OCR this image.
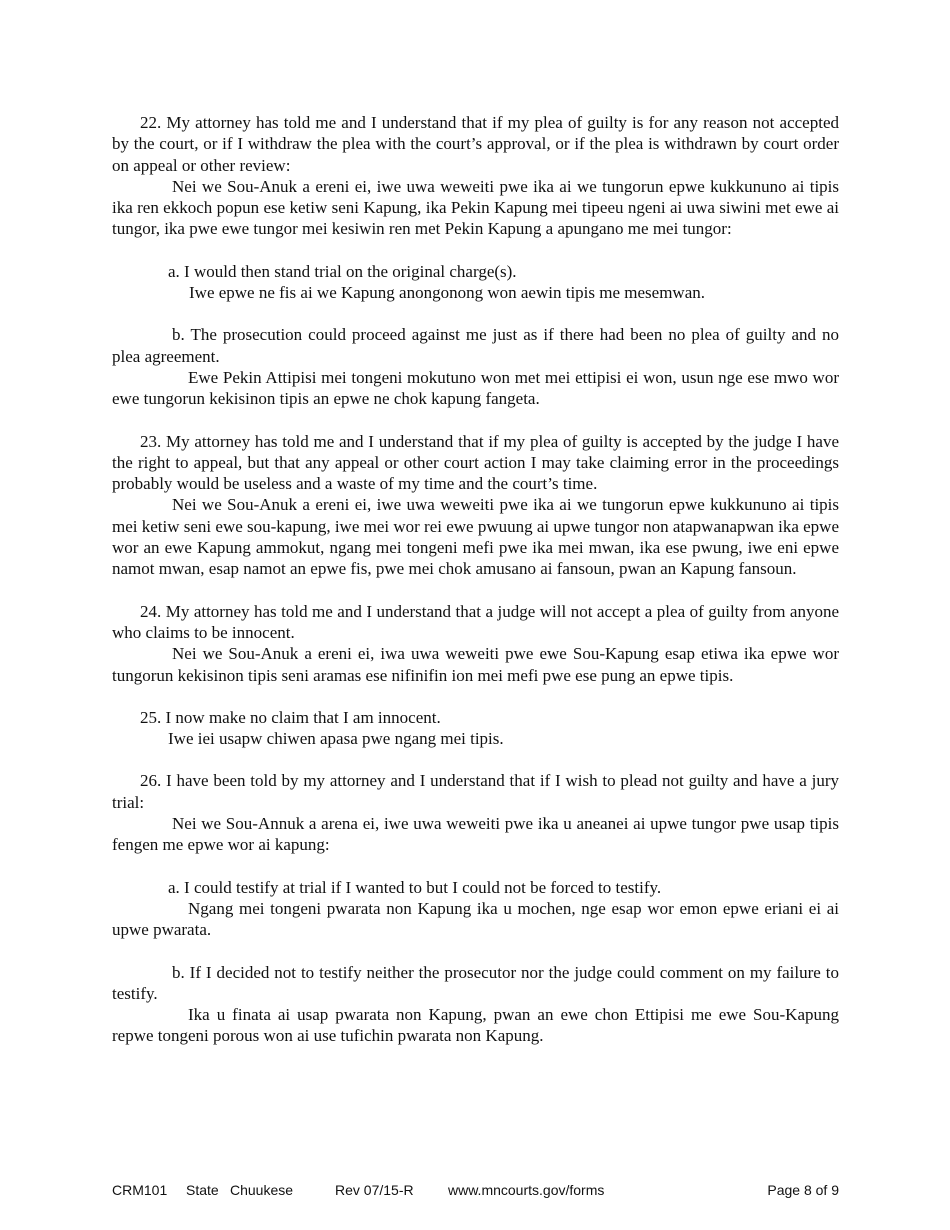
22. My attorney has told me and I understand that if my plea of guilty is for any reason not accepted by the court, or if I withdraw the plea with the court’s approval, or if the plea is withdrawn by court order on appeal or other review:

Nei we Sou-Anuk a ereni ei, iwe uwa weweiti pwe ika ai we tungorun epwe kukkununo ai tipis ika ren ekkoch popun ese ketiw seni Kapung, ika Pekin Kapung mei tipeeu ngeni ai uwa siwini met ewe ai tungor, ika pwe ewe tungor mei kesiwin ren met Pekin Kapung a apungano me mei tungor:

a. I would then stand trial on the original charge(s).

Iwe epwe ne fis ai we Kapung anongonong won aewin tipis me mesemwan.

b. The prosecution could proceed against me just as if there had been no plea of guilty and no plea agreement.

Ewe Pekin Attipisi mei tongeni mokutuno won met mei ettipisi ei won, usun nge ese mwo wor ewe tungorun kekisinon tipis an epwe ne chok kapung fangeta.

23. My attorney has told me and I understand that if my plea of guilty is accepted by the judge I have the right to appeal, but that any appeal or other court action I may take claiming error in the proceedings probably would be useless and a waste of my time and the court’s time.

Nei we Sou-Anuk a ereni ei, iwe uwa weweiti pwe ika ai we tungorun epwe kukkununo ai tipis mei ketiw seni ewe sou-kapung, iwe mei wor rei ewe pwuung ai upwe tungor non atapwanapwan ika epwe wor an ewe Kapung ammokut, ngang mei tongeni mefi pwe ika mei mwan, ika ese pwung, iwe eni epwe namot mwan, esap namot an epwe fis, pwe mei chok amusano ai fansoun, pwan an Kapung fansoun.

24. My attorney has told me and I understand that a judge will not accept a plea of guilty from anyone who claims to be innocent.

Nei we Sou-Anuk a ereni ei, iwa uwa weweiti pwe ewe Sou-Kapung esap etiwa ika epwe wor tungorun kekisinon tipis seni aramas ese nifinifin ion mei mefi pwe ese pung an epwe tipis.

25. I now make no claim that I am innocent.

Iwe iei usapw chiwen apasa pwe ngang mei tipis.

26. I have been told by my attorney and I understand that if I wish to plead not guilty and have a jury trial:

Nei we Sou-Annuk a arena ei, iwe uwa weweiti pwe ika u aneanei ai upwe tungor pwe usap tipis fengen me epwe wor ai kapung:

a. I could testify at trial if I wanted to but I could not be forced to testify.

Ngang mei tongeni pwarata non Kapung ika u mochen, nge esap wor emon epwe eriani ei ai upwe pwarata.

b. If I decided not to testify neither the prosecutor nor the judge could comment on my failure to testify.

Ika u finata ai usap pwarata non Kapung, pwan an ewe chon Ettipisi me ewe Sou-Kapung repwe tongeni porous won ai use tufichin pwarata non Kapung.

CRM101 State Chuukese	Rev 07/15-R www.mncourts.gov/forms	Page 8 of 9
